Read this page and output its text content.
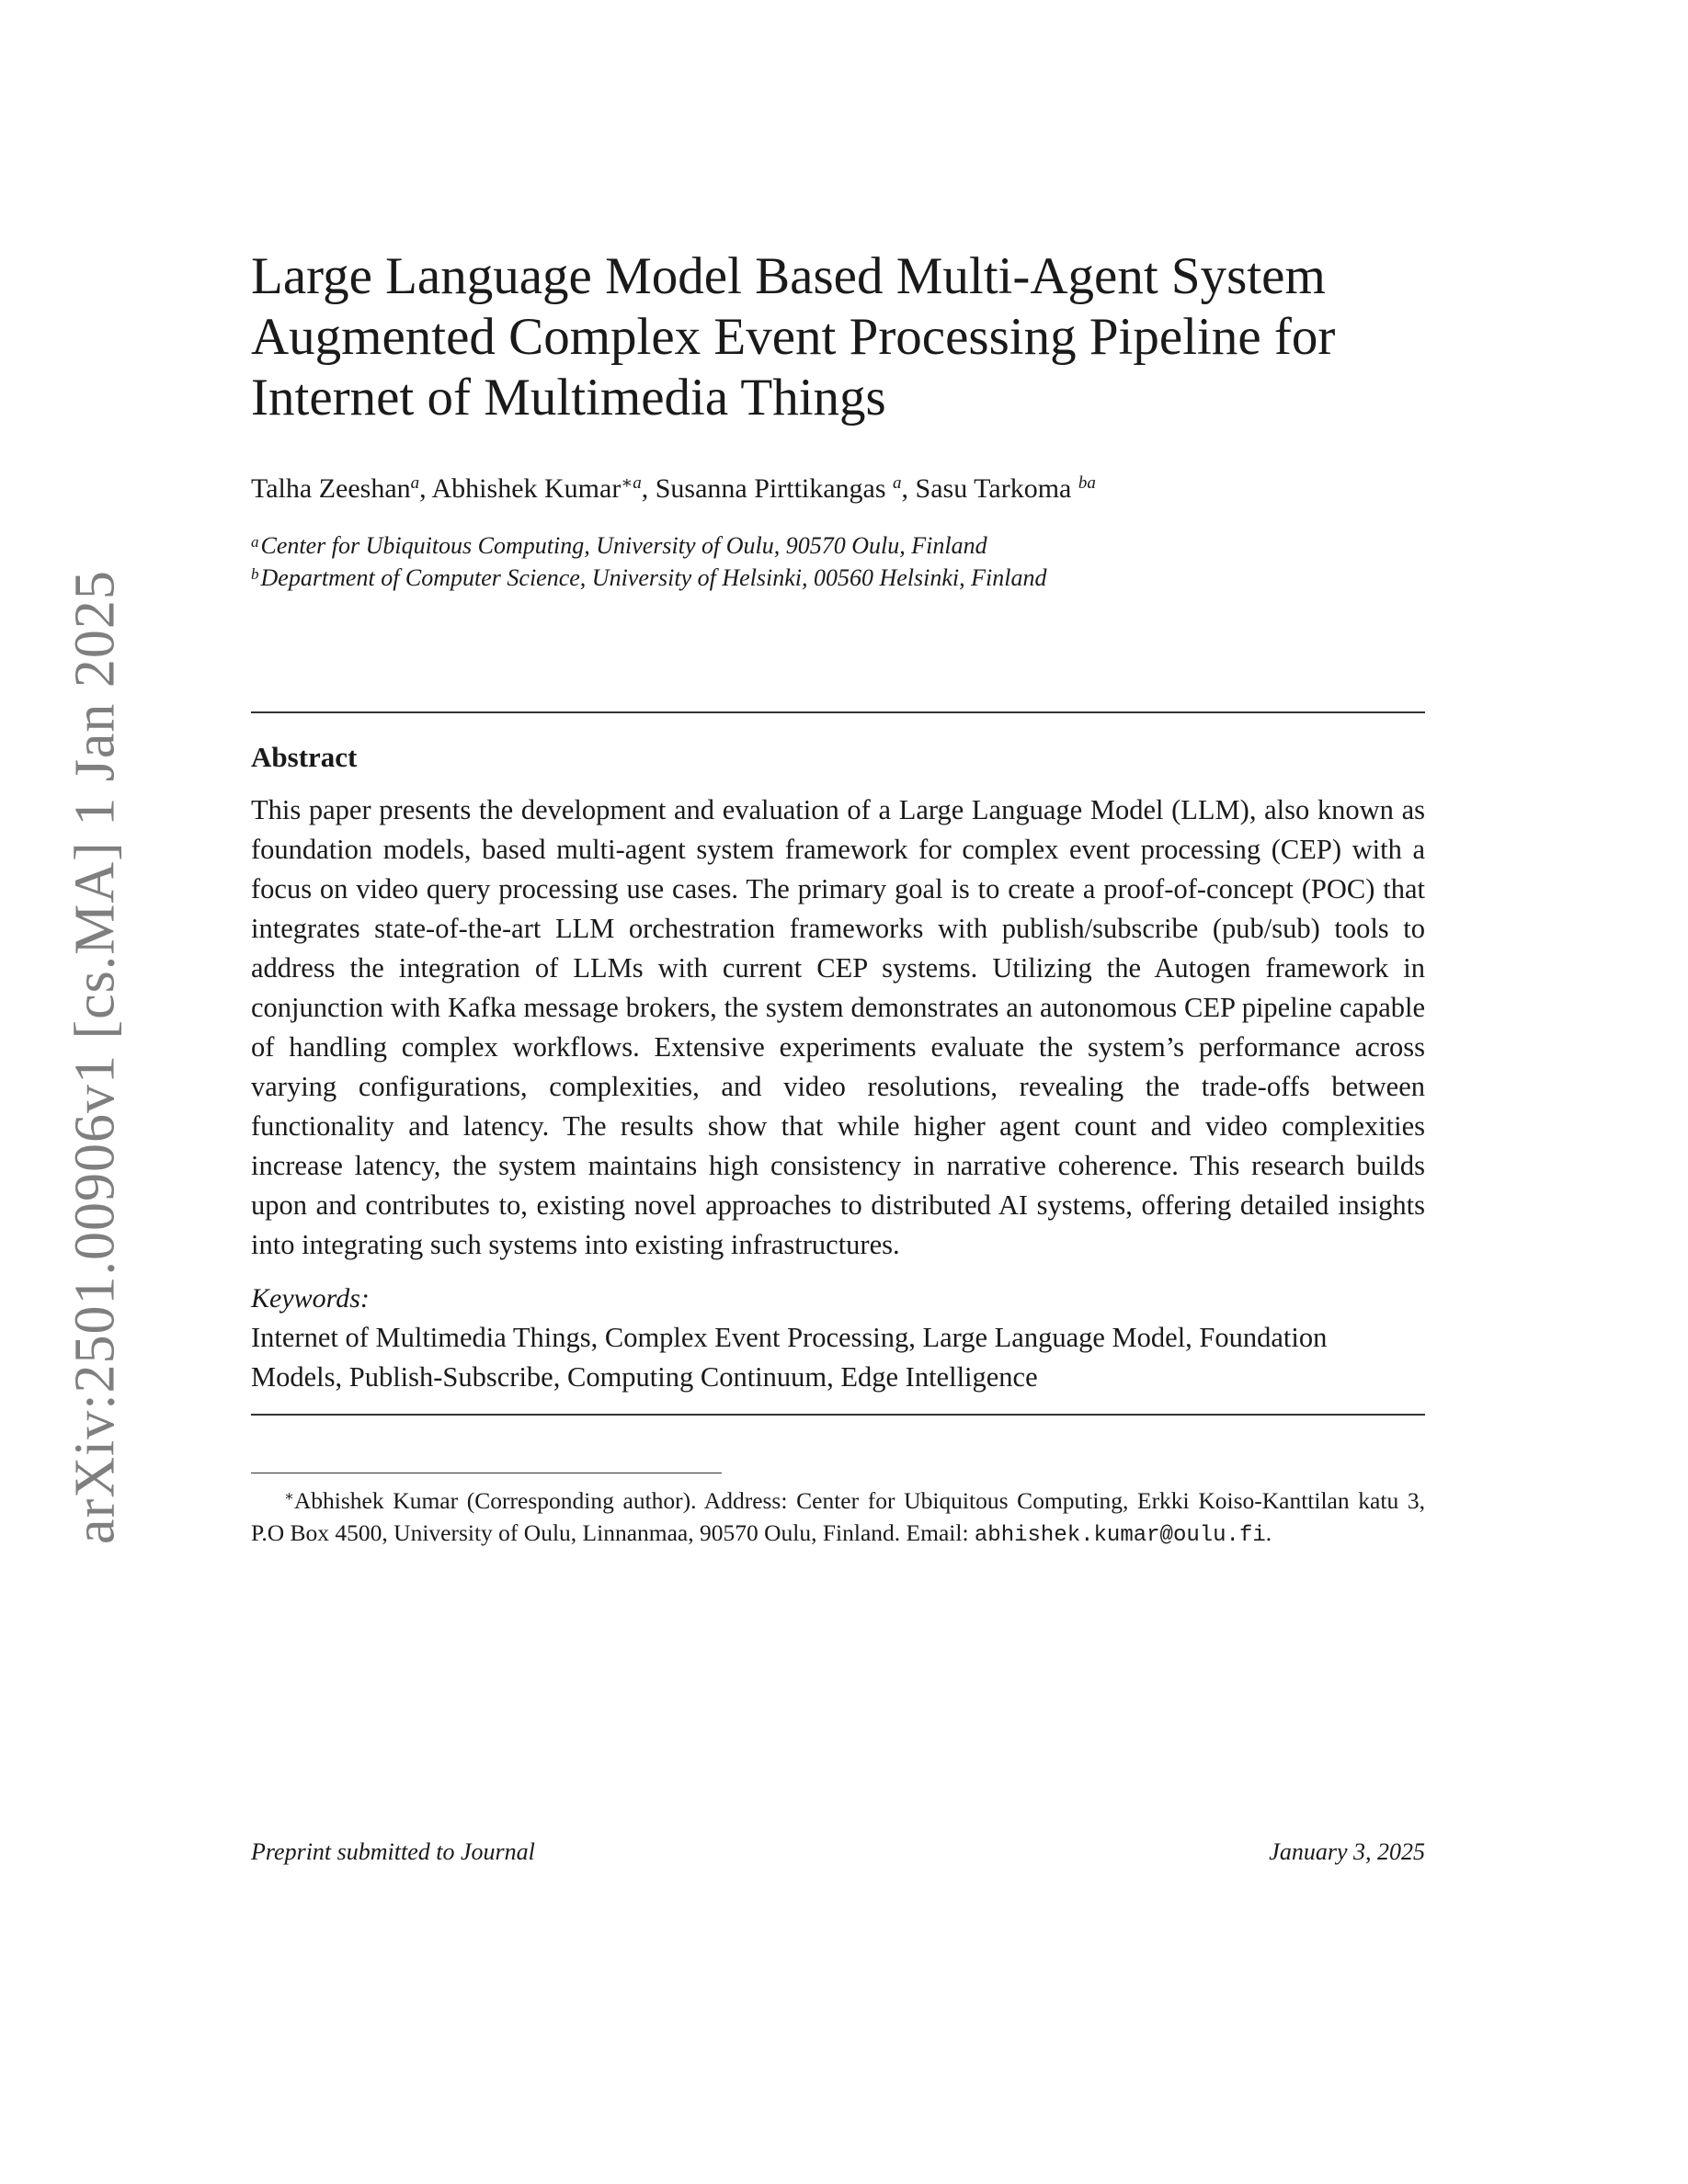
arXiv:2501.00906v1 [cs.MA] 1 Jan 2025
Large Language Model Based Multi-Agent System
Augmented Complex Event Processing Pipeline for
Internet of Multimedia Things
Talha Zeeshan$^a$, Abhishek Kumar$^{∗a}$, Susanna Pirttikangas $^a$, Sasu Tarkoma $^{ba}$
$^a$Center for Ubiquitous Computing, University of Oulu, 90570 Oulu, Finland
$^b$Department of Computer Science, University of Helsinki, 00560 Helsinki, Finland
Abstract
This paper presents the development and evaluation of a Large Language Model (LLM), also known as foundation models, based multi-agent system framework for complex event processing (CEP) with a focus on video query processing use cases. The primary goal is to create a proof-of-concept (POC) that integrates state-of-the-art LLM orchestration frameworks with publish/subscribe (pub/sub) tools to address the integration of LLMs with current CEP systems. Utilizing the Autogen framework in conjunction with Kafka message brokers, the system demonstrates an autonomous CEP pipeline capable of handling complex workflows. Extensive experiments evaluate the system’s performance across varying configurations, complexities, and video resolutions, revealing the trade-offs between functionality and latency. The results show that while higher agent count and video complexities increase latency, the system maintains high consistency in narrative coherence. This research builds upon and contributes to, existing novel approaches to distributed AI systems, offering detailed insights into integrating such systems into existing infrastructures.
Keywords:
Internet of Multimedia Things, Complex Event Processing, Large Language Model, Foundation Models, Publish-Subscribe, Computing Continuum, Edge Intelligence
∗Abhishek Kumar (Corresponding author). Address: Center for Ubiquitous Computing, Erkki Koiso-Kanttilan katu 3, P.O Box 4500, University of Oulu, Linnanmaa, 90570 Oulu, Finland. Email: abhishek.kumar@oulu.fi.
Preprint submitted to Journal	January 3, 2025
